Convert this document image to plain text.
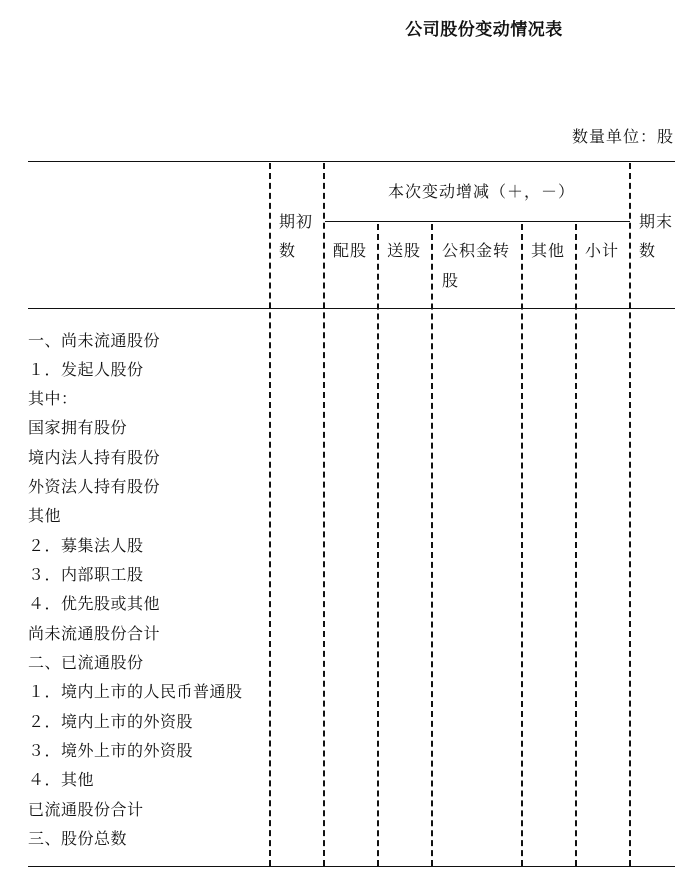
公司股份变动情况表
数量单位：股
期初
数
本次变动增减（＋，－）
配股 送股 公积金转
股
其他 小计
期末
数
一、尚未流通股份
１．发起人股份
其中：
国家拥有股份
境内法人持有股份
外资法人持有股份
其他
２．募集法人股
３．内部职工股
４．优先股或其他
尚未流通股份合计
二、已流通股份
１．境内上市的人民币普通股
２．境内上市的外资股
３．境外上市的外资股
４．其他
已流通股份合计
三、股份总数
